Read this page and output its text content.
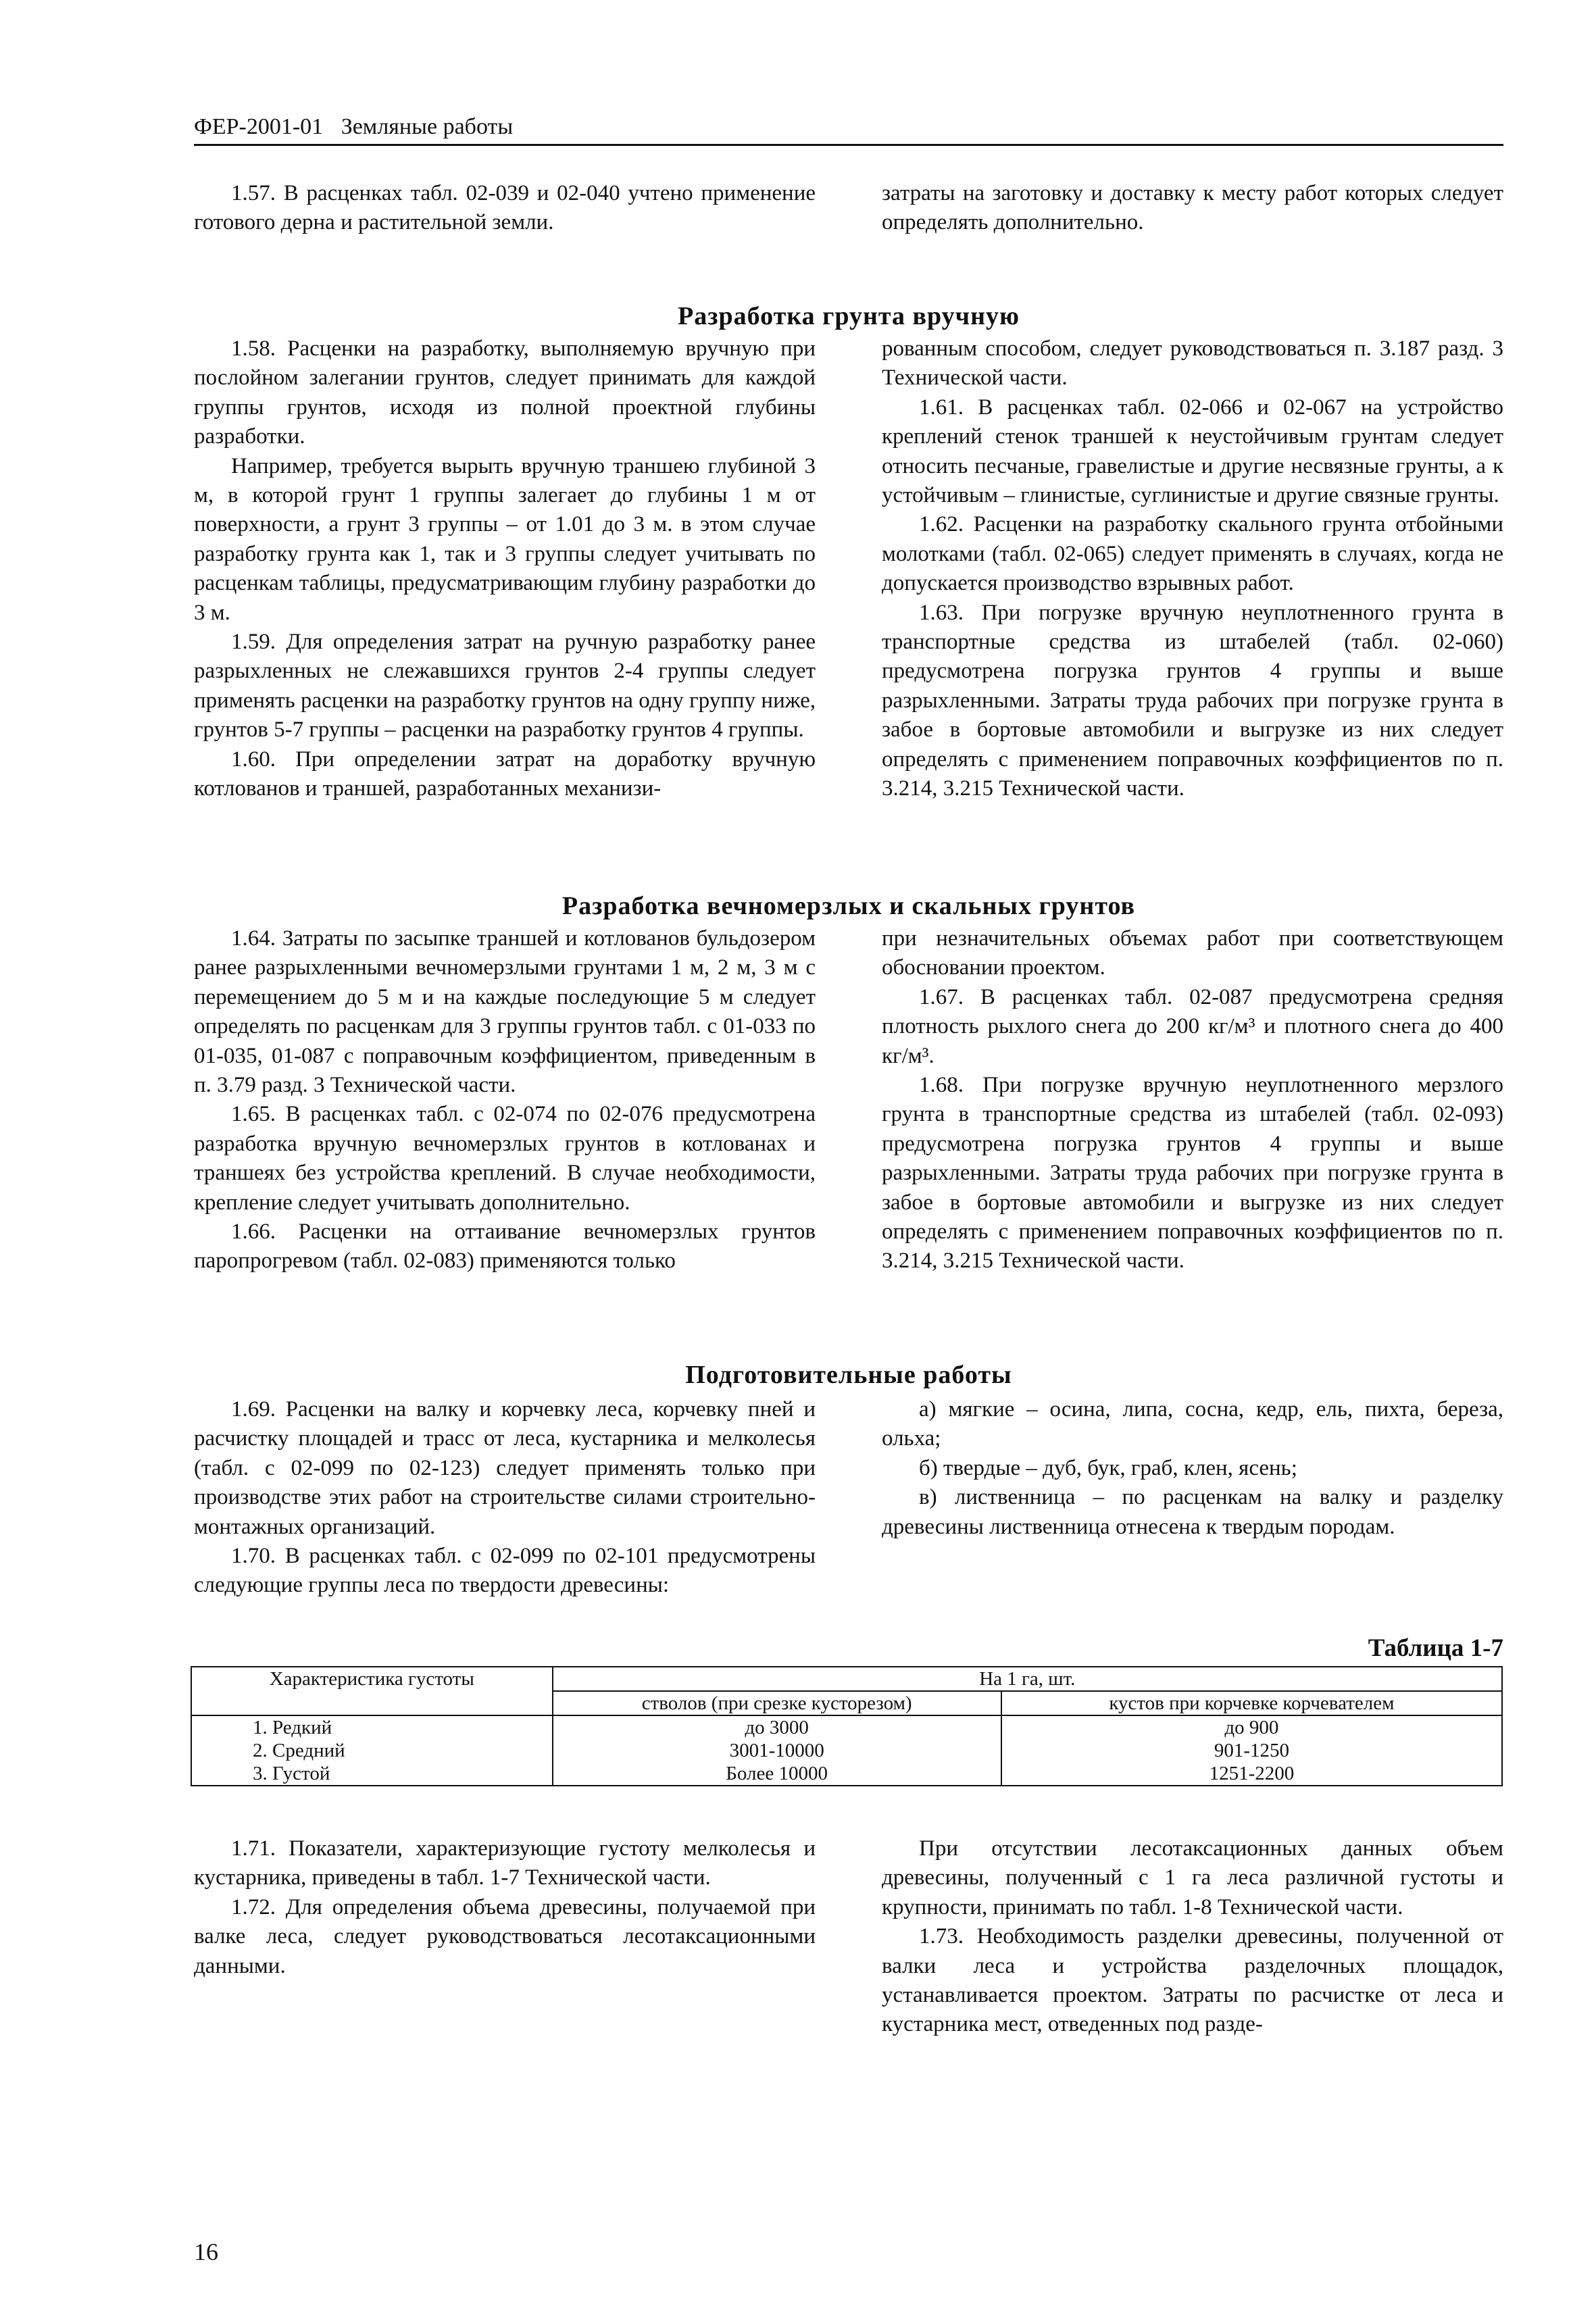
ФЕР-2001-01 Земляные работы

1.57. В расценках табл. 02-039 и 02-040 учтено применение готового дерна и растительной земли.

затраты на заготовку и доставку к месту работ которых следует определять дополнительно.

Разработка грунта вручную

1.58. Расценки на разработку, выполняемую вручную при послойном залегании грунтов, следует принимать для каждой группы грунтов, исходя из полной проектной глубины разработки.

Например, требуется вырыть вручную траншею глубиной 3 м, в которой грунт 1 группы залегает до глубины 1 м от поверхности, а грунт 3 группы – от 1.01 до 3 м. в этом случае разработку грунта как 1, так и 3 группы следует учитывать по расценкам таблицы, предусматривающим глубину разработки до 3 м.

1.59. Для определения затрат на ручную разработку ранее разрыхленных не слежавшихся грунтов 2-4 группы следует применять расценки на разработку грунтов на одну группу ниже, грунтов 5-7 группы – расценки на разработку грунтов 4 группы.

1.60. При определении затрат на доработку вручную котлованов и траншей, разработанных механизи-

рованным способом, следует руководствоваться п. 3.187 разд. 3 Технической части.

1.61. В расценках табл. 02-066 и 02-067 на устройство креплений стенок траншей к неустойчивым грунтам следует относить песчаные, гравелистые и другие несвязные грунты, а к устойчивым – глинистые, суглинистые и другие связные грунты.

1.62. Расценки на разработку скального грунта отбойными молотками (табл. 02-065) следует применять в случаях, когда не допускается производство взрывных работ.

1.63. При погрузке вручную неуплотненного грунта в транспортные средства из штабелей (табл. 02-060) предусмотрена погрузка грунтов 4 группы и выше разрыхленными. Затраты труда рабочих при погрузке грунта в забое в бортовые автомобили и выгрузке из них следует определять с применением поправочных коэффициентов по п. 3.214, 3.215 Технической части.

Разработка вечномерзлых и скальных грунтов

1.64. Затраты по засыпке траншей и котлованов бульдозером ранее разрыхленными вечномерзлыми грунтами 1 м, 2 м, 3 м с перемещением до 5 м и на каждые последующие 5 м следует определять по расценкам для 3 группы грунтов табл. с 01-033 по 01-035, 01-087 с поправочным коэффициентом, приведенным в п. 3.79 разд. 3 Технической части.

1.65. В расценках табл. с 02-074 по 02-076 предусмотрена разработка вручную вечномерзлых грунтов в котлованах и траншеях без устройства креплений. В случае необходимости, крепление следует учитывать дополнительно.

1.66. Расценки на оттаивание вечномерзлых грунтов паропрогревом (табл. 02-083) применяются только

при незначительных объемах работ при соответствующем обосновании проектом.

1.67. В расценках табл. 02-087 предусмотрена средняя плотность рыхлого снега до 200 кг/м³ и плотного снега до 400 кг/м³.

1.68. При погрузке вручную неуплотненного мерзлого грунта в транспортные средства из штабелей (табл. 02-093) предусмотрена погрузка грунтов 4 группы и выше разрыхленными. Затраты труда рабочих при погрузке грунта в забое в бортовые автомобили и выгрузке из них следует определять с применением поправочных коэффициентов по п. 3.214, 3.215 Технической части.

Подготовительные работы

1.69. Расценки на валку и корчевку леса, корчевку пней и расчистку площадей и трасс от леса, кустарника и мелколесья (табл. с 02-099 по 02-123) следует применять только при производстве этих работ на строительстве силами строительно-монтажных организаций.

1.70. В расценках табл. с 02-099 по 02-101 предусмотрены следующие группы леса по твердости древесины:

а) мягкие – осина, липа, сосна, кедр, ель, пихта, береза, ольха;

б) твердые – дуб, бук, граб, клен, ясень;

в) лиственница – по расценкам на валку и разделку древесины лиственница отнесена к твердым породам.

Таблица 1-7
Характеристика густоты	На 1 га, шт.	
	стволов (при срезке кусторезом)	кустов при корчевке корчевателем
1. Редкий	до 3000	до 900
2. Средний	3001-10000	901-1250
3. Густой	Более 10000	1251-2200

1.71. Показатели, характеризующие густоту мелколесья и кустарника, приведены в табл. 1-7 Технической части.

1.72. Для определения объема древесины, получаемой при валке леса, следует руководствоваться лесотаксационными данными.

При отсутствии лесотаксационных данных объем древесины, полученный с 1 га леса различной густоты и крупности, принимать по табл. 1-8 Технической части.

1.73. Необходимость разделки древесины, полученной от валки леса и устройства разделочных площадок, устанавливается проектом. Затраты по расчистке от леса и кустарника мест, отведенных под разде-

16
